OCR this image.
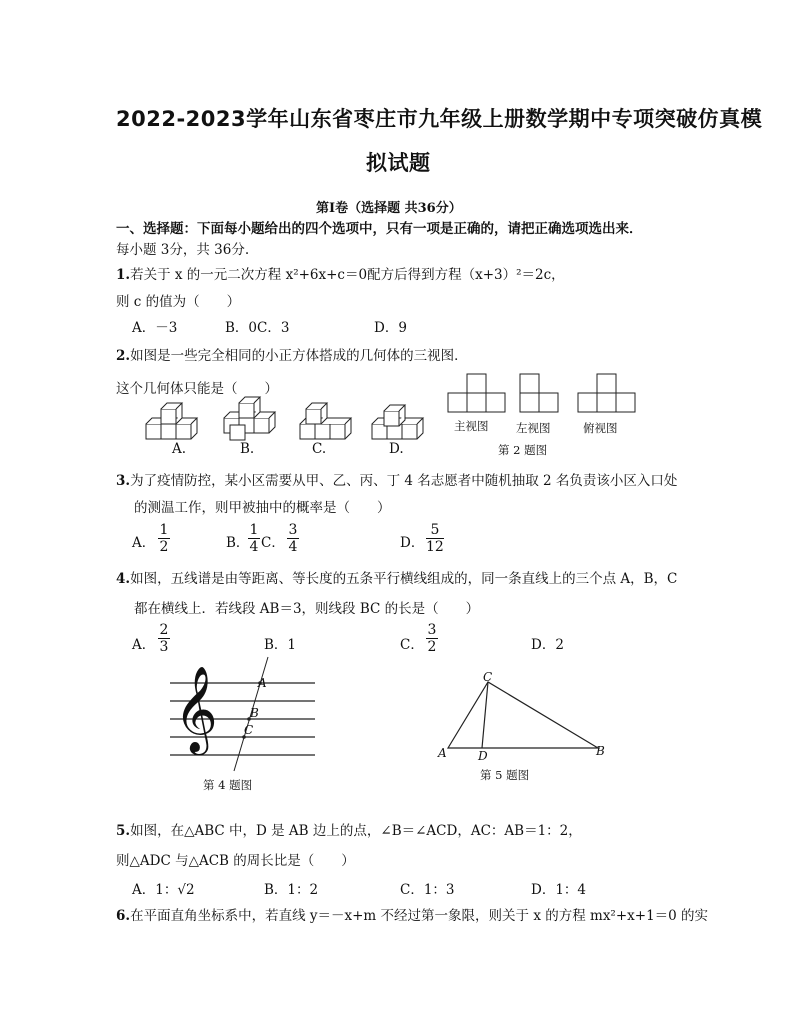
2022-2023学年山东省枣庄市九年级上册数学期中专项突破仿真模
拟试题
第Ⅰ卷（选择题 共36分）
一、选择题：下面每小题给出的四个选项中，只有一项是正确的，请把正确选项选出来．
每小题 3分，共 36分.
1.若关于 x 的一元二次方程 x²+6x+c＝0配方后得到方程（x+3）²＝2c，
则 c 的值为（　　）
A．－3	B．0C．3	D．9
2.如图是一些完全相同的小正方体搭成的几何体的三视图．
这个几何体只能是（　　）
A.	B.	C.	D.
主视图 左视图	俯视图
第 2 题图
3.为了疫情防控，某小区需要从甲、乙、丙、丁 4 名志愿者中随机抽取 2 名负责该小区入口处
的测温工作，则甲被抽中的概率是（　　）
A．
1
2	B．
1
4 C．
3
4	D．
5
12
4.如图，五线谱是由等距离、等长度的五条平行横线组成的，同一条直线上的三个点 A，B，C
都在横线上．若线段 AB＝3，则线段 BC 的长是（　　）
A．
2
3	B．1	C．
3
2	D．2
𝄞	A
B
C
第 4 题图
C
A	D	B
第 5 题图
5.如图，在△ABC 中，D 是 AB 边上的点，∠B＝∠ACD，AC：AB＝1：2，
则△ADC 与△ACB 的周长比是（　　）
A．1：√2	B．1：2	C．1：3	D．1：4
6.在平面直角坐标系中，若直线 y＝－x+m 不经过第一象限，则关于 x 的方程 mx²+x+1＝0 的实
